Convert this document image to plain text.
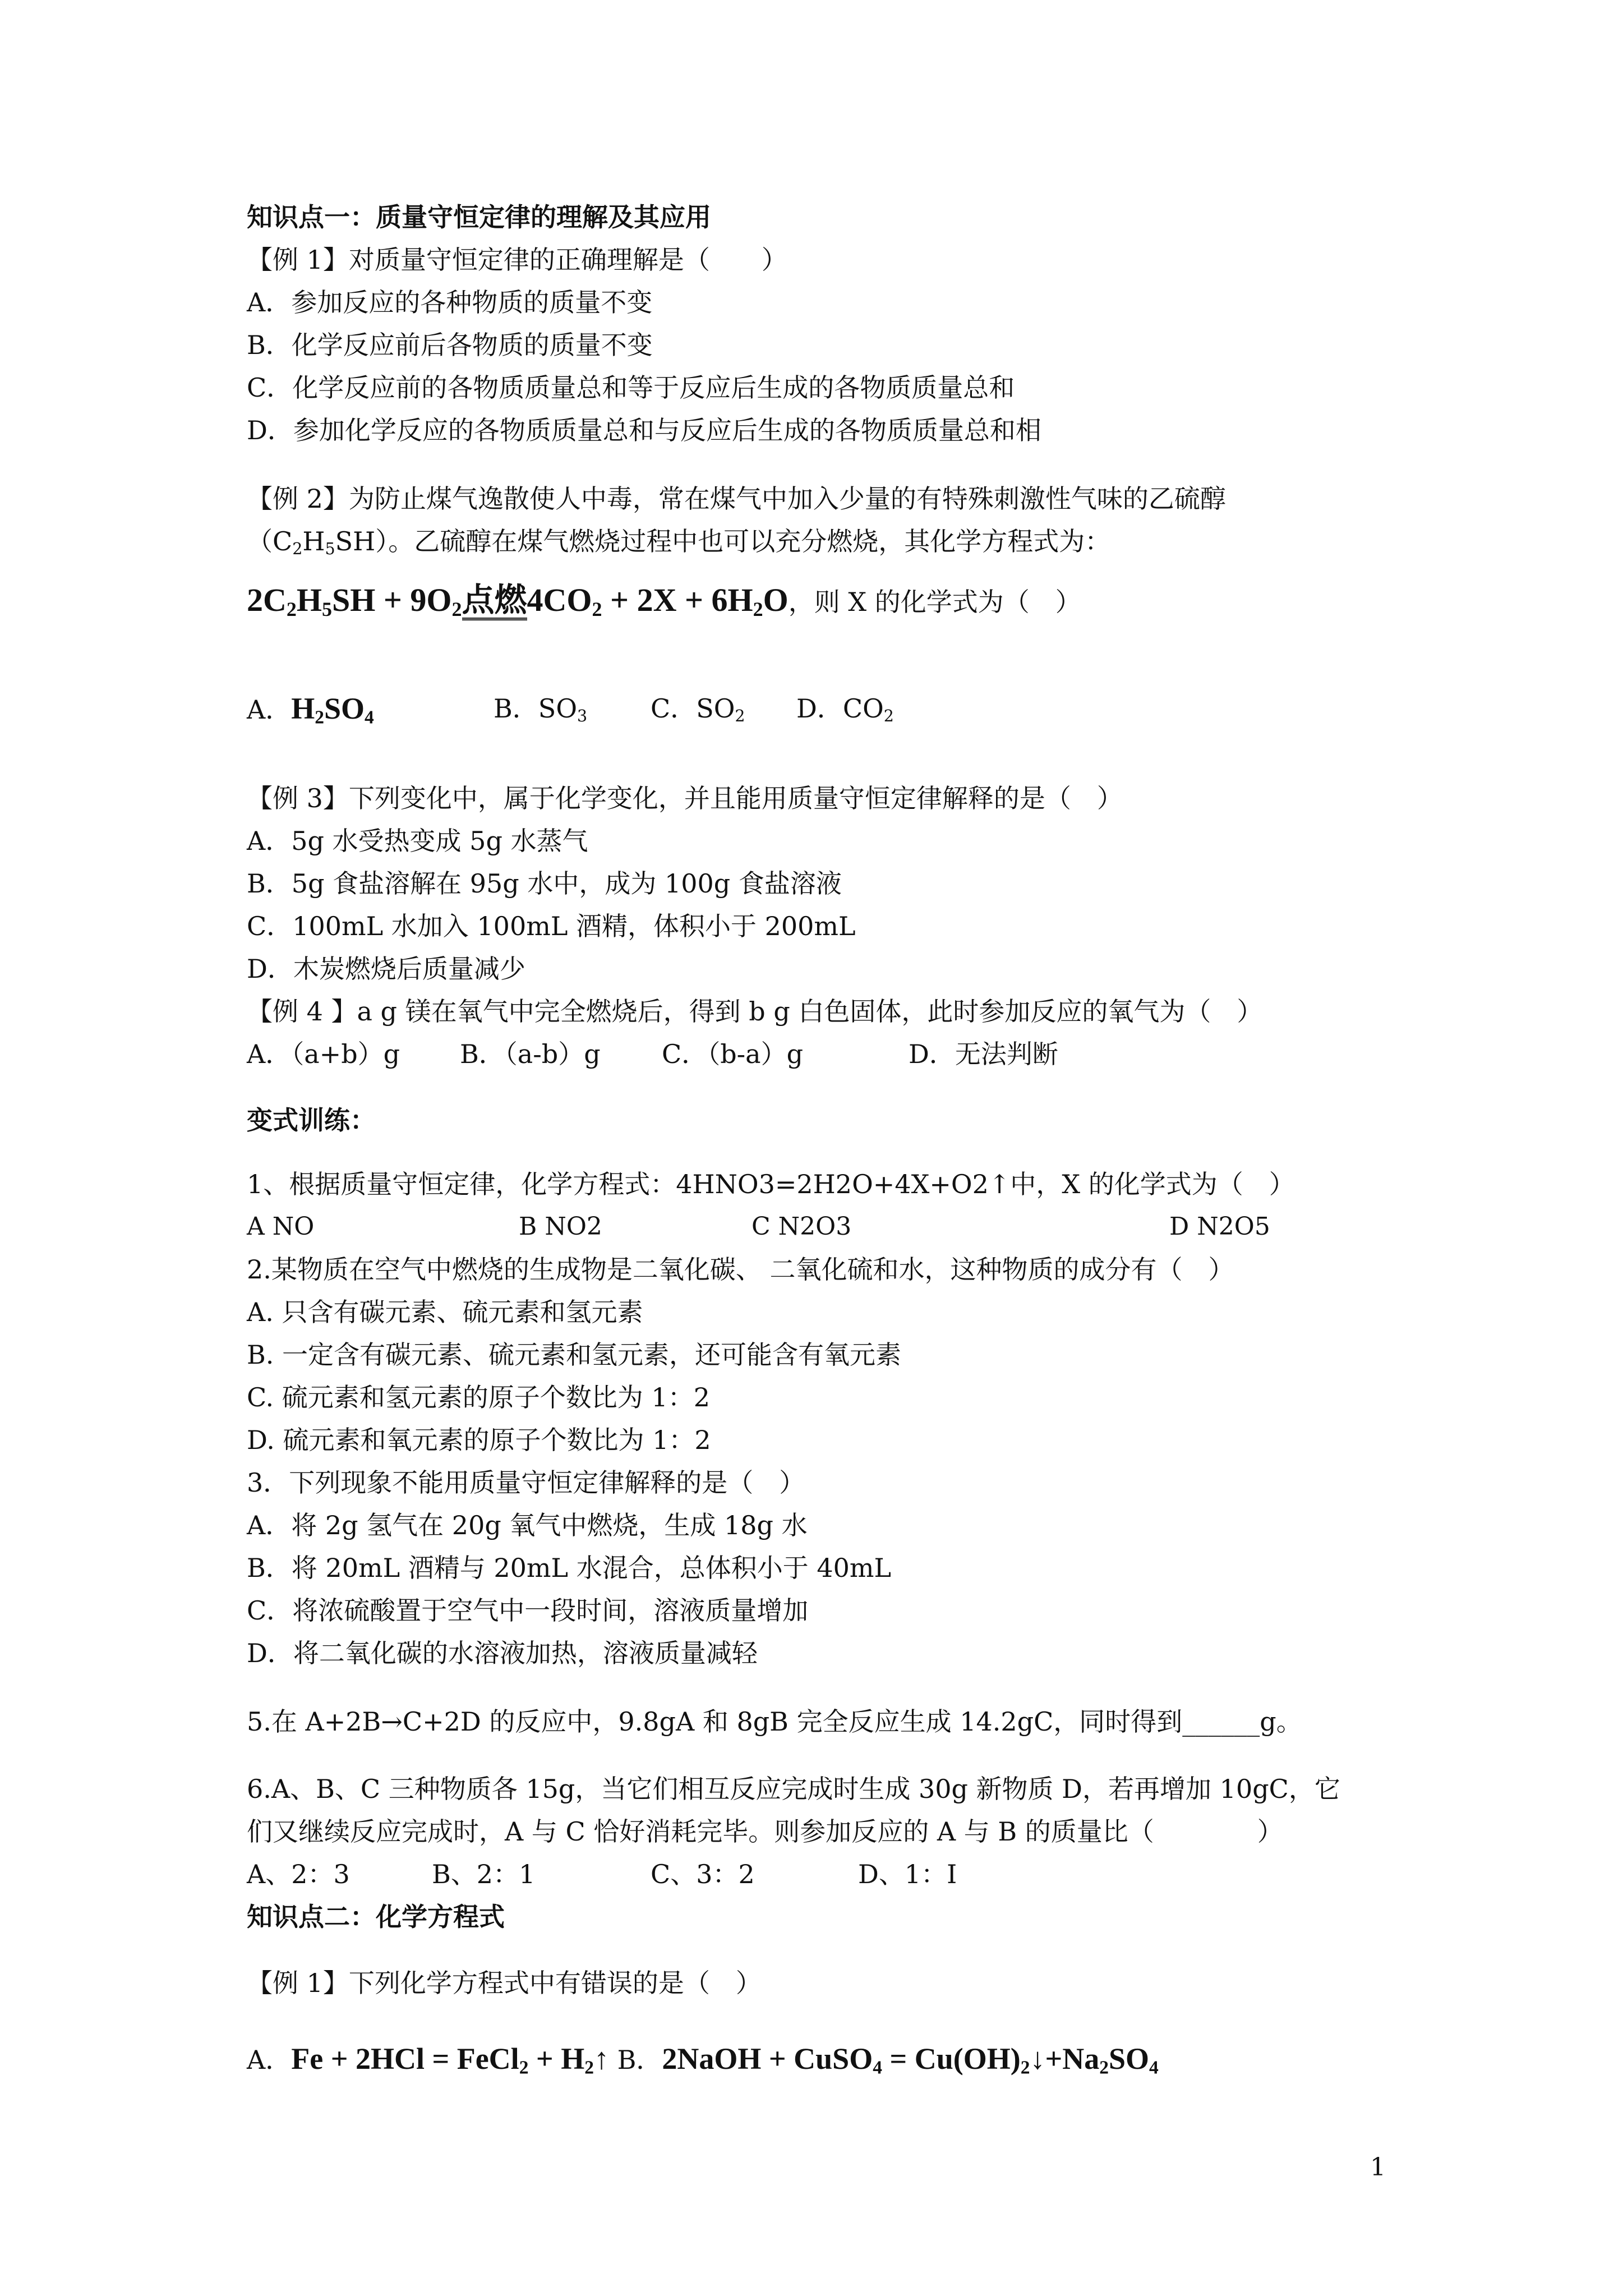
知识点一：质量守恒定律的理解及其应用
【例 1】对质量守恒定律的正确理解是（　　）
A．参加反应的各种物质的质量不变
B．化学反应前后各物质的质量不变
C．化学反应前的各物质质量总和等于反应后生成的各物质质量总和
D．参加化学反应的各物质质量总和与反应后生成的各物质质量总和相
【例 2】为防止煤气逸散使人中毒，常在煤气中加入少量的有特殊刺激性气味的乙硫醇
$(C_2H_5SH)$。乙硫醇在煤气燃烧过程中也可以充分燃烧，其化学方程式为：
$2C_2H_5SH + 9O_2$点燃$4CO_2 + 2X + 6H_2O$，则 X 的化学式为（　）
A．$H_2SO_4$	B．$SO_3$ C．$SO_2$ D．$CO_2$
【例 3】下列变化中，属于化学变化，并且能用质量守恒定律解释的是（　）
A．5g 水受热变成 5g 水蒸气
B．5g 食盐溶解在 95g 水中，成为 100g 食盐溶液
C．100mL 水加入 100mL 酒精，体积小于 200mL
D．木炭燃烧后质量减少
【例 4 】a g 镁在氧气中完全燃烧后，得到 b g 白色固体，此时参加反应的氧气为（　）
A．（a+b）g B．（a-b）g C．（b-a）g	D．无法判断
变式训练：
1、根据质量守恒定律，化学方程式：4HNO3=2H2O+4X+O2↑中，X 的化学式为（　）
A NO	B NO2	C N2O3	D N2O5
2.某物质在空气中燃烧的生成物是二氧化碳、 二氧化硫和水，这种物质的成分有（　）
A. 只含有碳元素、硫元素和氢元素
B. 一定含有碳元素、硫元素和氢元素，还可能含有氧元素
C. 硫元素和氢元素的原子个数比为 1：2
D. 硫元素和氧元素的原子个数比为 1：2
3．下列现象不能用质量守恒定律解释的是（　）
A．将 2g 氢气在 20g 氧气中燃烧，生成 18g 水
B．将 20mL 酒精与 20mL 水混合，总体积小于 40mL
C．将浓硫酸置于空气中一段时间，溶液质量增加
D．将二氧化碳的水溶液加热，溶液质量减轻
5.在 A+2B→C+2D 的反应中，9.8gA 和 8gB 完全反应生成 14.2gC，同时得到______g。
6.A、B、C 三种物质各 15g，当它们相互反应完成时生成 30g 新物质 D，若再增加 10gC，它
们又继续反应完成时，A 与 C 恰好消耗完毕。则参加反应的 A 与 B 的质量比（　　　　）
A、2：3	B、2：1	C、3：2	D、1：I
知识点二：化学方程式
【例 1】下列化学方程式中有错误的是（　）
A．Fe + 2HCl = FeCl$_2$ + $H_2↑$ B．2NaOH + CuSO$_4$ = $Cu(OH)_2↓+Na_2SO_4$
1
